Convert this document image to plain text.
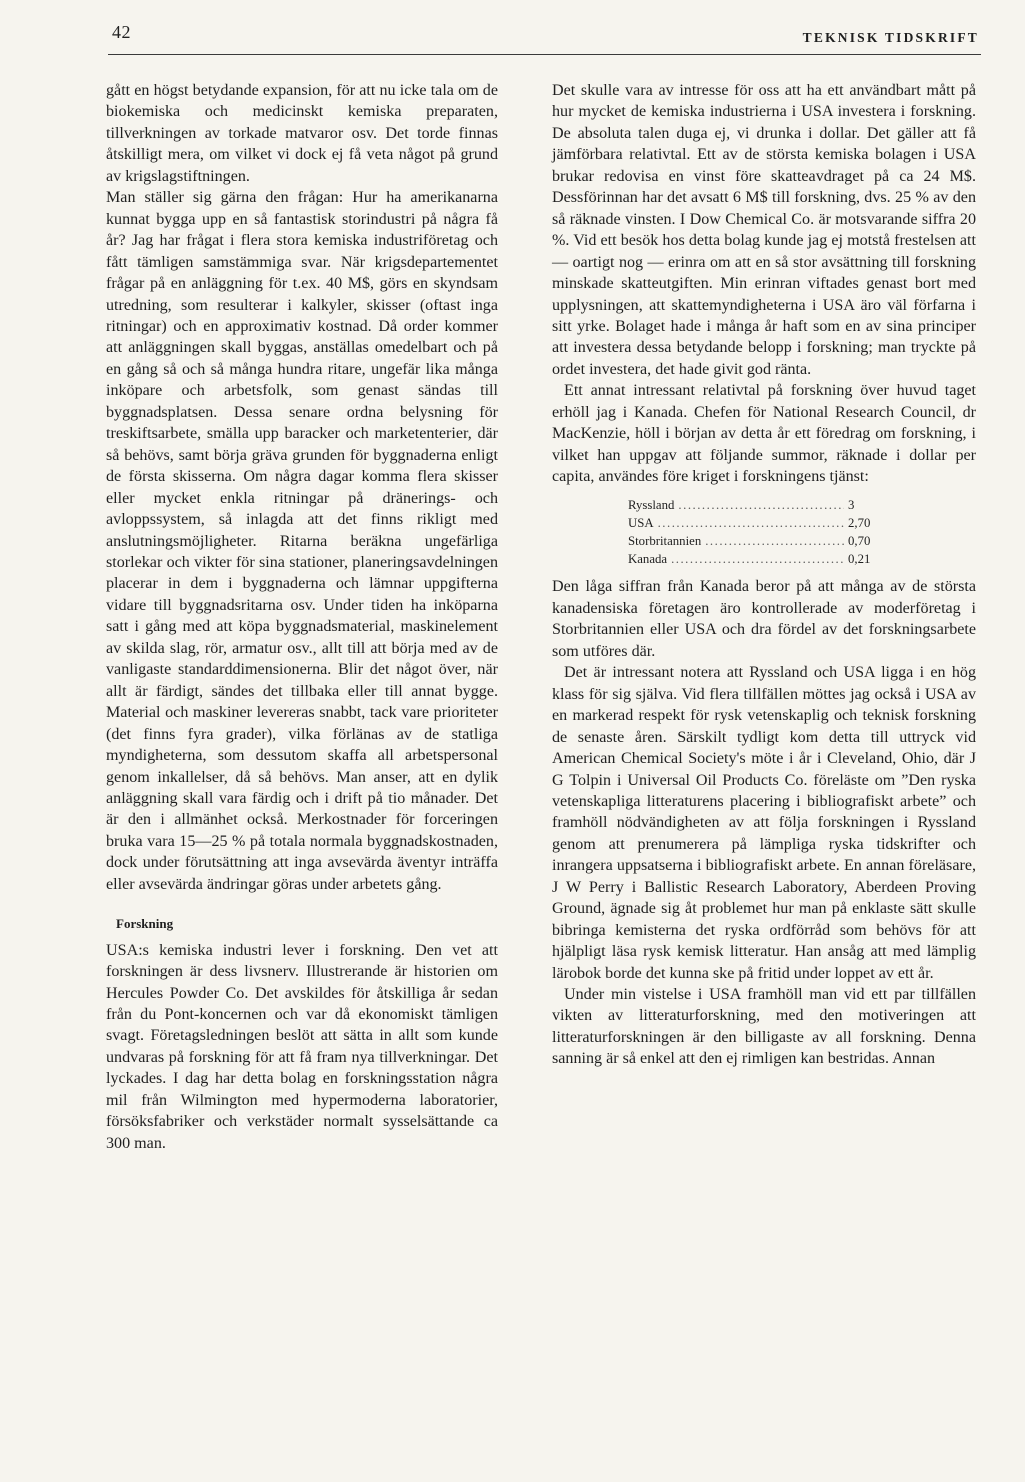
42	TEKNISK TIDSKRIFT

gått en högst betydande expansion, för att nu icke tala om de biokemiska och medicinskt kemiska preparaten, tillverkningen av torkade matvaror osv. Det torde finnas åtskilligt mera, om vilket vi dock ej få veta något på grund av krigslagstiftningen.

Man ställer sig gärna den frågan: Hur ha amerikanarna kunnat bygga upp en så fantastisk storindustri på några få år? Jag har frågat i flera stora kemiska industriföretag och fått tämligen samstämmiga svar. När krigsdepartementet frågar på en anläggning för t.ex. 40 M$, görs en skyndsam utredning, som resulterar i kalkyler, skisser (oftast inga ritningar) och en approximativ kostnad. Då order kommer att anläggningen skall byggas, anställas omedelbart och på en gång så och så många hundra ritare, ungefär lika många inköpare och arbetsfolk, som genast sändas till byggnadsplatsen. Dessa senare ordna belysning för treskiftsarbete, smälla upp baracker och marketenterier, där så behövs, samt börja gräva grunden för byggnaderna enligt de första skisserna. Om några dagar komma flera skisser eller mycket enkla ritningar på dränerings- och avloppssystem, så inlagda att det finns rikligt med anslutningsmöjligheter. Ritarna beräkna ungefärliga storlekar och vikter för sina stationer, planeringsavdelningen placerar in dem i byggnaderna och lämnar uppgifterna vidare till byggnadsritarna osv. Under tiden ha inköparna satt i gång med att köpa byggnadsmaterial, maskinelement av skilda slag, rör, armatur osv., allt till att börja med av de vanligaste standarddimensionerna. Blir det något över, när allt är färdigt, sändes det tillbaka eller till annat bygge. Material och maskiner levereras snabbt, tack vare prioriteter (det finns fyra grader), vilka förlänas av de statliga myndigheterna, som dessutom skaffa all arbetspersonal genom inkallelser, då så behövs. Man anser, att en dylik anläggning skall vara färdig och i drift på tio månader. Det är den i allmänhet också. Merkostnader för forceringen bruka vara 15—25 % på totala normala byggnadskostnaden, dock under förutsättning att inga avsevärda äventyr inträffa eller avsevärda ändringar göras under arbetets gång.

Forskning

USA:s kemiska industri lever i forskning. Den vet att forskningen är dess livsnerv. Illustrerande är historien om Hercules Powder Co. Det avskildes för åtskilliga år sedan från du Pont-koncernen och var då ekonomiskt tämligen svagt. Företagsledningen beslöt att sätta in allt som kunde undvaras på forskning för att få fram nya tillverkningar. Det lyckades. I dag har detta bolag en forskningsstation några mil från Wilmington med hypermoderna laboratorier, försöksfabriker och verkstäder normalt sysselsättande ca 300 man.

Det skulle vara av intresse för oss att ha ett användbart mått på hur mycket de kemiska industrierna i USA investera i forskning. De absoluta talen duga ej, vi drunka i dollar. Det gäller att få jämförbara relativtal. Ett av de största kemiska bolagen i USA brukar redovisa en vinst före skatteavdraget på ca 24 M$. Dessförinnan har det avsatt 6 M$ till forskning, dvs. 25 % av den så räknade vinsten. I Dow Chemical Co. är motsvarande siffra 20 %. Vid ett besök hos detta bolag kunde jag ej motstå frestelsen att — oartigt nog — erinra om att en så stor avsättning till forskning minskade skatteutgiften. Min erinran viftades genast bort med upplysningen, att skattemyndigheterna i USA äro väl förfarna i sitt yrke. Bolaget hade i många år haft som en av sina principer att investera dessa betydande belopp i forskning; man tryckte på ordet investera, det hade givit god ränta.

Ett annat intressant relativtal på forskning över huvud taget erhöll jag i Kanada. Chefen för National Research Council, dr MacKenzie, höll i början av detta år ett föredrag om forskning, i vilket han uppgav att följande summor, räknade i dollar per capita, användes före kriget i forskningens tjänst:

Ryssland .....	3
USA .....	2,70
Storbritannien .....	0,70
Kanada .....	0,21

Den låga siffran från Kanada beror på att många av de största kanadensiska företagen äro kontrollerade av moderföretag i Storbritannien eller USA och dra fördel av det forskningsarbete som utföres där.

Det är intressant notera att Ryssland och USA ligga i en hög klass för sig själva. Vid flera tillfällen möttes jag också i USA av en markerad respekt för rysk vetenskaplig och teknisk forskning de senaste åren. Särskilt tydligt kom detta till uttryck vid American Chemical Society's möte i år i Cleveland, Ohio, där J G Tolpin i Universal Oil Products Co. föreläste om ”Den ryska vetenskapliga litteraturens placering i bibliografiskt arbete” och framhöll nödvändigheten av att följa forskningen i Ryssland genom att prenumerera på lämpliga ryska tidskrifter och inrangera uppsatserna i bibliografiskt arbete. En annan föreläsare, J W Perry i Ballistic Research Laboratory, Aberdeen Proving Ground, ägnade sig åt problemet hur man på enklaste sätt skulle bibringa kemisterna det ryska ordförråd som behövs för att hjälpligt läsa rysk kemisk litteratur. Han ansåg att med lämplig lärobok borde det kunna ske på fritid under loppet av ett år.

Under min vistelse i USA framhöll man vid ett par tillfällen vikten av litteraturforskning, med den motiveringen att litteraturforskningen är den billigaste av all forskning. Denna sanning är så enkel att den ej rimligen kan bestridas. Annan
